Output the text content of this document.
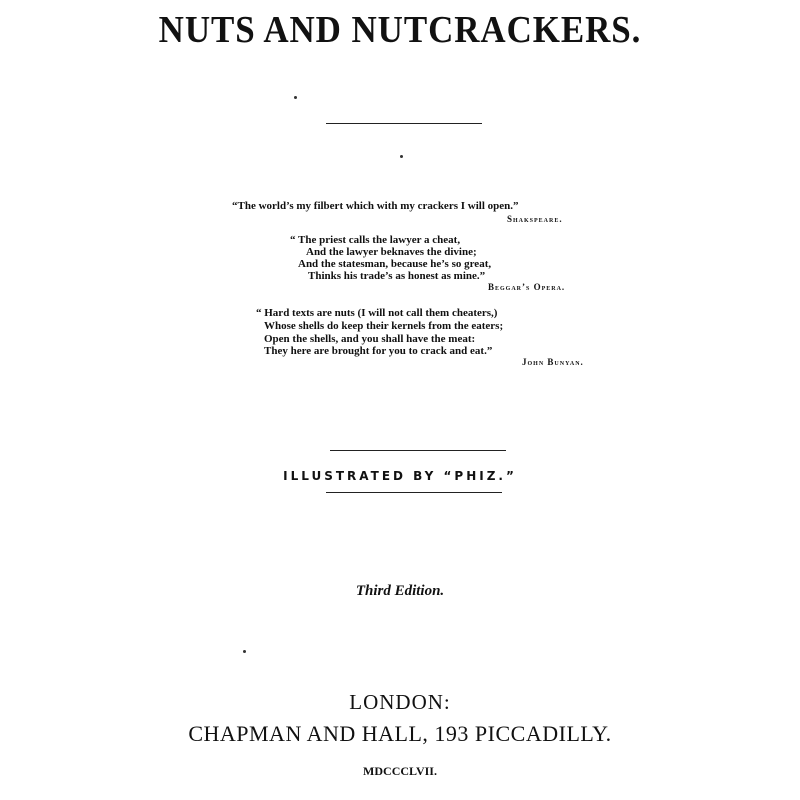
NUTS AND NUTCRACKERS.
“The world’s my filbert which with my crackers I will open.”
Shakspeare.
“ The priest calls the lawyer a cheat,
And the lawyer beknaves the divine;
And the statesman, because he’s so great,
Thinks his trade’s as honest as mine.”
Beggar’s Opera.
“ Hard texts are nuts (I will not call them cheaters,)
Whose shells do keep their kernels from the eaters;
Open the shells, and you shall have the meat:
They here are brought for you to crack and eat.”
John Bunyan.
ILLUSTRATED BY “PHIZ.”
Third Edition.
LONDON:
CHAPMAN AND HALL, 193 PICCADILLY.
MDCCCLVII.
